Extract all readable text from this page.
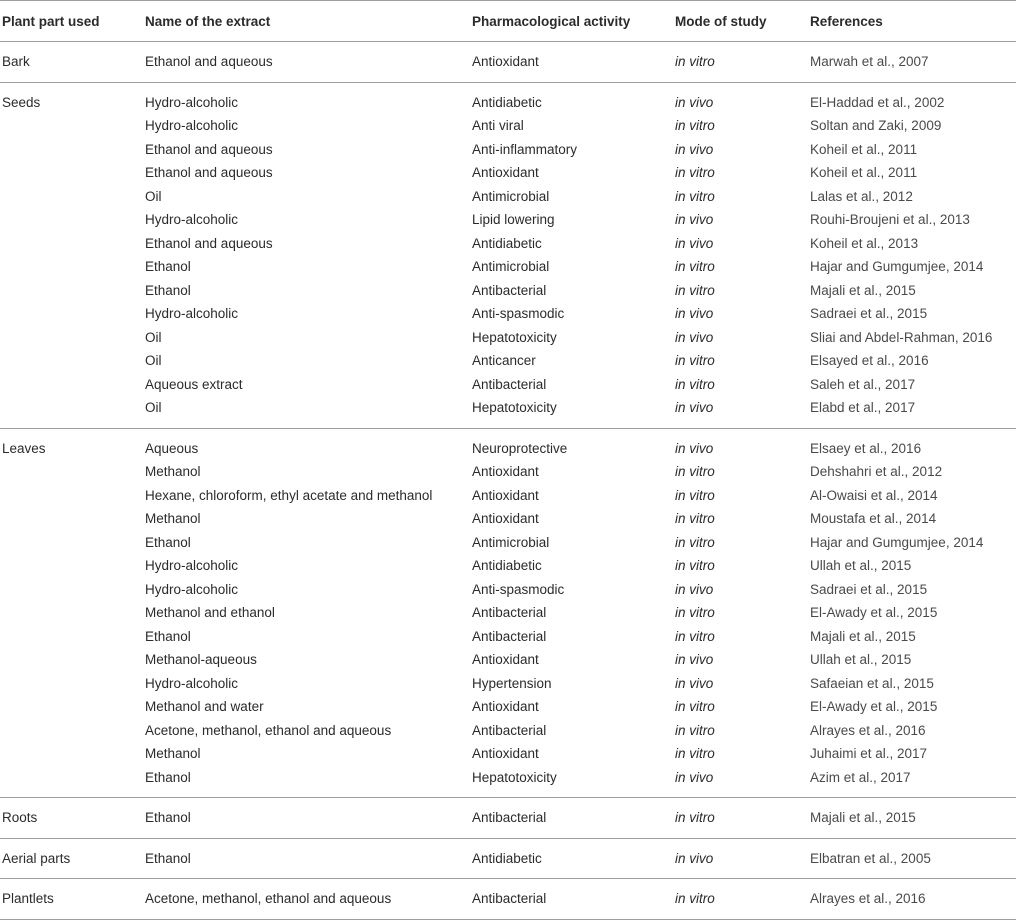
Plant part used	Name of the extract	Pharmacological activity	Mode of study	References
Bark	Ethanol and aqueous	Antioxidant	in vitro	Marwah et al., 2007
Seeds	Hydro-alcoholic	Antidiabetic	in vivo	El-Haddad et al., 2002
	Hydro-alcoholic	Anti viral	in vitro	Soltan and Zaki, 2009
	Ethanol and aqueous	Anti-inflammatory	in vivo	Koheil et al., 2011
	Ethanol and aqueous	Antioxidant	in vitro	Koheil et al., 2011
	Oil	Antimicrobial	in vitro	Lalas et al., 2012
	Hydro-alcoholic	Lipid lowering	in vivo	Rouhi-Broujeni et al., 2013
	Ethanol and aqueous	Antidiabetic	in vivo	Koheil et al., 2013
	Ethanol	Antimicrobial	in vitro	Hajar and Gumgumjee, 2014
	Ethanol	Antibacterial	in vitro	Majali et al., 2015
	Hydro-alcoholic	Anti-spasmodic	in vivo	Sadraei et al., 2015
	Oil	Hepatotoxicity	in vivo	Sliai and Abdel-Rahman, 2016
	Oil	Anticancer	in vitro	Elsayed et al., 2016
	Aqueous extract	Antibacterial	in vitro	Saleh et al., 2017
	Oil	Hepatotoxicity	in vivo	Elabd et al., 2017
Leaves	Aqueous	Neuroprotective	in vivo	Elsaey et al., 2016
	Methanol	Antioxidant	in vitro	Dehshahri et al., 2012
	Hexane, chloroform, ethyl acetate and methanol	Antioxidant	in vitro	Al-Owaisi et al., 2014
	Methanol	Antioxidant	in vitro	Moustafa et al., 2014
	Ethanol	Antimicrobial	in vitro	Hajar and Gumgumjee, 2014
	Hydro-alcoholic	Antidiabetic	in vitro	Ullah et al., 2015
	Hydro-alcoholic	Anti-spasmodic	in vivo	Sadraei et al., 2015
	Methanol and ethanol	Antibacterial	in vitro	El-Awady et al., 2015
	Ethanol	Antibacterial	in vitro	Majali et al., 2015
	Methanol-aqueous	Antioxidant	in vivo	Ullah et al., 2015
	Hydro-alcoholic	Hypertension	in vivo	Safaeian et al., 2015
	Methanol and water	Antioxidant	in vitro	El-Awady et al., 2015
	Acetone, methanol, ethanol and aqueous	Antibacterial	in vitro	Alrayes et al., 2016
	Methanol	Antioxidant	in vitro	Juhaimi et al., 2017
	Ethanol	Hepatotoxicity	in vivo	Azim et al., 2017
Roots	Ethanol	Antibacterial	in vitro	Majali et al., 2015
Aerial parts	Ethanol	Antidiabetic	in vivo	Elbatran et al., 2005
Plantlets	Acetone, methanol, ethanol and aqueous	Antibacterial	in vitro	Alrayes et al., 2016
